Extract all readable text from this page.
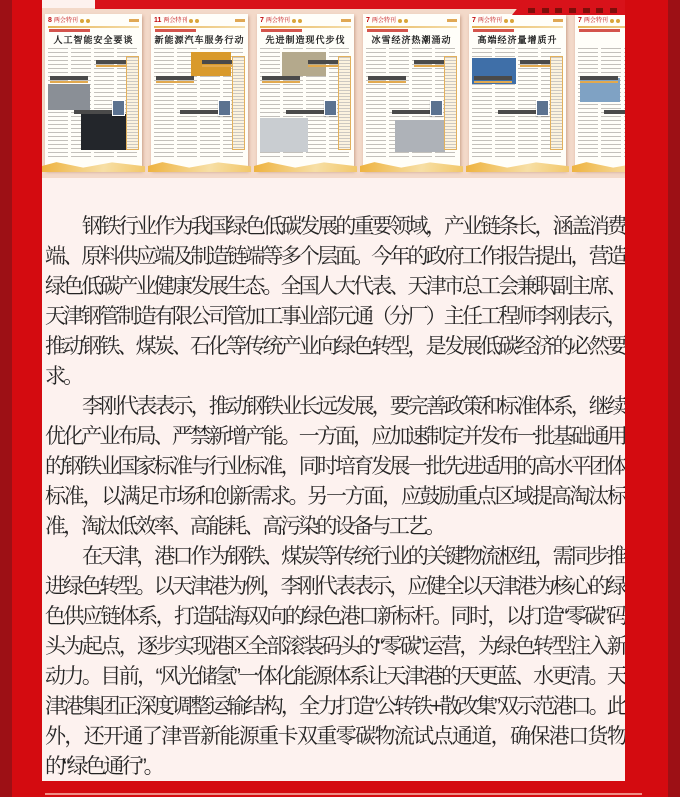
8 两会特刊
人工智能安全要谈
11 两会特刊
新能源汽车服务行动
7 两会特刊
先进制造现代步伐
7 两会特刊
冰雪经济热潮涌动
7 两会特刊
高端经济量增质升
7 两会特刊

钢铁行业作为我国绿色低碳发展的重要领域，产业链条长，涵盖消费端、原料供应端及制造链端等多个层面。今年的政府工作报告提出，营造绿色低碳产业健康发展生态。全国人大代表、天津市总工会兼职副主席、天津钢管制造有限公司管加工事业部元通（分厂）主任工程师李刚表示，推动钢铁、煤炭、石化等传统产业向绿色转型，是发展低碳经济的必然要求。

李刚代表表示，推动钢铁业长远发展，要完善政策和标准体系，继续优化产业布局、严禁新增产能。一方面，应加速制定并发布一批基础通用的钢铁业国家标准与行业标准，同时培育发展一批先进适用的高水平团体标准，以满足市场和创新需求。另一方面，应鼓励重点区域提高淘汰标准，淘汰低效率、高能耗、高污染的设备与工艺。

在天津，港口作为钢铁、煤炭等传统行业的关键物流枢纽，需同步推进绿色转型。以天津港为例，李刚代表表示，应健全以天津港为核心的绿色供应链体系，打造陆海双向的绿色港口新标杆。同时，以打造“零碳”码头为起点，逐步实现港区全部滚装码头的“零碳”运营，为绿色转型注入新动力。目前，“风光储氢”一体化能源体系让天津港的天更蓝、水更清。天津港集团正深度调整运输结构，全力打造“公转铁+散改集”双示范港口。此外，还开通了津晋新能源重卡双重零碳物流试点通道，确保港口货物的“绿色通行”。
